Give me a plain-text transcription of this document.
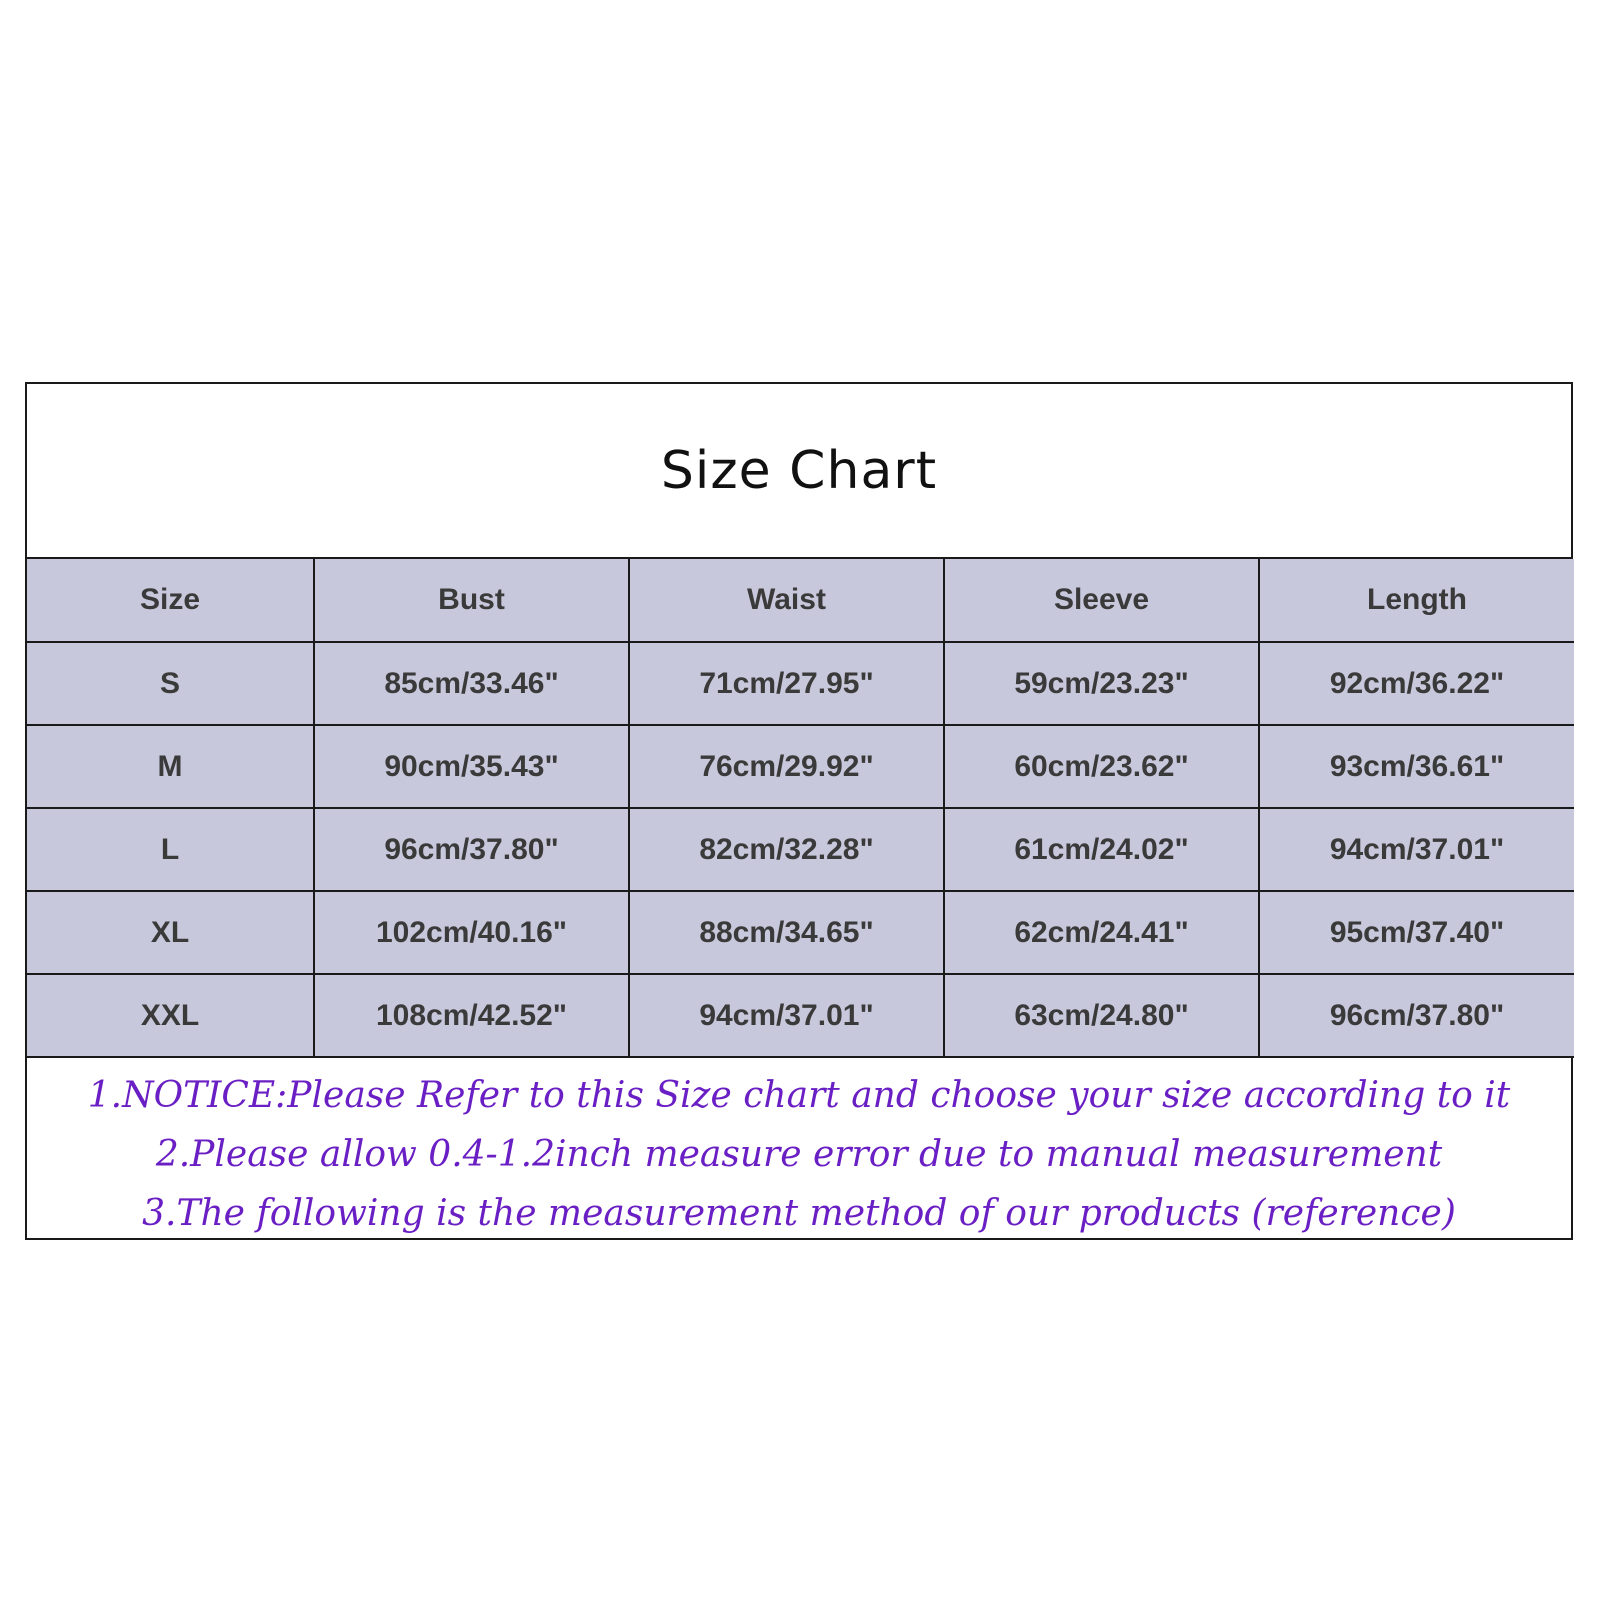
Size Chart
Size	Bust	Waist	Sleeve	Length
S	85cm/33.46"	71cm/27.95"	59cm/23.23"	92cm/36.22"
M	90cm/35.43"	76cm/29.92"	60cm/23.62"	93cm/36.61"
L	96cm/37.80"	82cm/32.28"	61cm/24.02"	94cm/37.01"
XL	102cm/40.16"	88cm/34.65"	62cm/24.41"	95cm/37.40"
XXL	108cm/42.52"	94cm/37.01"	63cm/24.80"	96cm/37.80"
1.NOTICE:Please Refer to this Size chart and choose your size according to it
2.Please allow 0.4-1.2inch measure error due to manual measurement
3.The following is the measurement method of our products (reference)
